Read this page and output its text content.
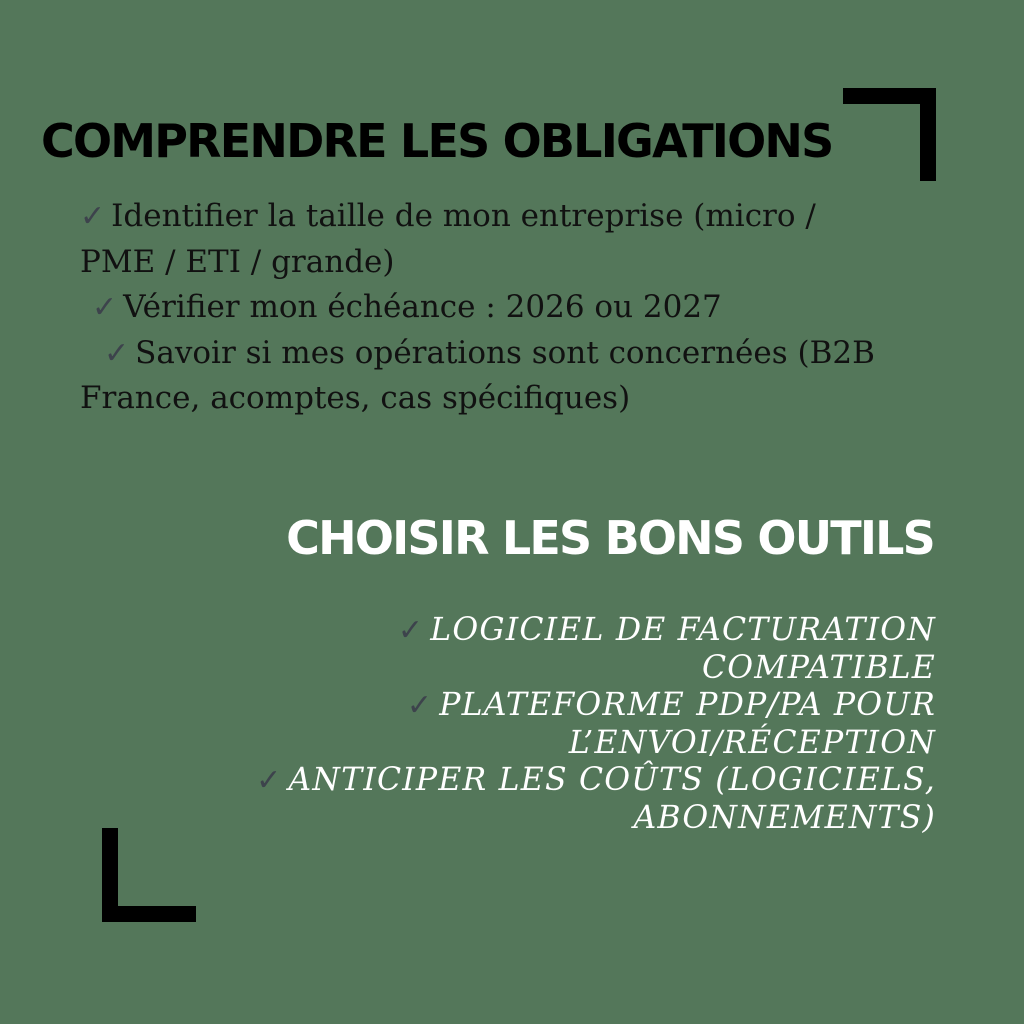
COMPRENDRE LES OBLIGATIONS
✓ Identifier la taille de mon entreprise (micro / PME / ETI / grande)
✓ Vérifier mon échéance : 2026 ou 2027
✓ Savoir si mes opérations sont concernées (B2B France, acomptes, cas spécifiques)
CHOISIR LES BONS OUTILS
✓ LOGICIEL DE FACTURATION COMPATIBLE
✓ PLATEFORME PDP/PA POUR L’ENVOI/RÉCEPTION
✓ ANTICIPER LES COÛTS (LOGICIELS, ABONNEMENTS)
